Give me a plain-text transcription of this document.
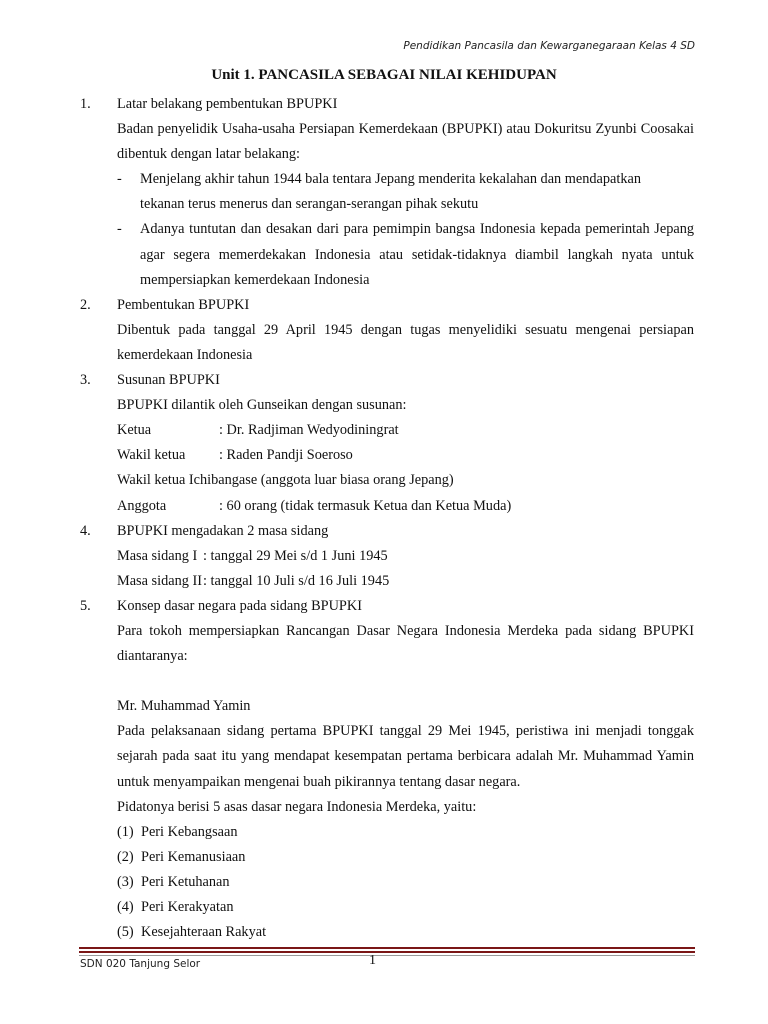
Pendidikan Pancasila dan Kewarganegaraan Kelas 4 SD
Unit 1. PANCASILA SEBAGAI NILAI KEHIDUPAN
1. Latar belakang pembentukan BPUPKI
Badan penyelidik Usaha-usaha Persiapan Kemerdekaan (BPUPKI) atau Dokuritsu Zyunbi Coosakai dibentuk dengan latar belakang:
- Menjelang akhir tahun 1944 bala tentara Jepang menderita kekalahan dan mendapatkan
tekanan terus menerus dan serangan-serangan pihak sekutu
- Adanya tuntutan dan desakan dari para pemimpin bangsa Indonesia kepada pemerintah Jepang agar segera memerdekakan Indonesia atau setidak-tidaknya diambil langkah nyata untuk mempersiapkan kemerdekaan Indonesia
2. Pembentukan BPUPKI
Dibentuk pada tanggal 29 April 1945 dengan tugas menyelidiki sesuatu mengenai persiapan kemerdekaan Indonesia
3. Susunan BPUPKI
BPUPKI dilantik oleh Gunseikan dengan susunan:
Ketua	: Dr. Radjiman Wedyodiningrat
Wakil ketua	: Raden Pandji Soeroso
Wakil ketua Ichibangase (anggota luar biasa orang Jepang)
Anggota	: 60 orang (tidak termasuk Ketua dan Ketua Muda)
4. BPUPKI mengadakan 2 masa sidang
Masa sidang I : tanggal 29 Mei s/d 1 Juni 1945
Masa sidang II : tanggal 10 Juli s/d 16 Juli 1945
5. Konsep dasar negara pada sidang BPUPKI
Para tokoh mempersiapkan Rancangan Dasar Negara Indonesia Merdeka pada sidang BPUPKI diantaranya:
Mr. Muhammad Yamin
Pada pelaksanaan sidang pertama BPUPKI tanggal 29 Mei 1945, peristiwa ini menjadi tonggak sejarah pada saat itu yang mendapat kesempatan pertama berbicara adalah Mr. Muhammad Yamin untuk menyampaikan mengenai buah pikirannya tentang dasar negara.
Pidatonya berisi 5 asas dasar negara Indonesia Merdeka, yaitu:
(1) Peri Kebangsaan
(2) Peri Kemanusiaan
(3) Peri Ketuhanan
(4) Peri Kerakyatan
(5) Kesejahteraan Rakyat
SDN 020 Tanjung Selor	1
